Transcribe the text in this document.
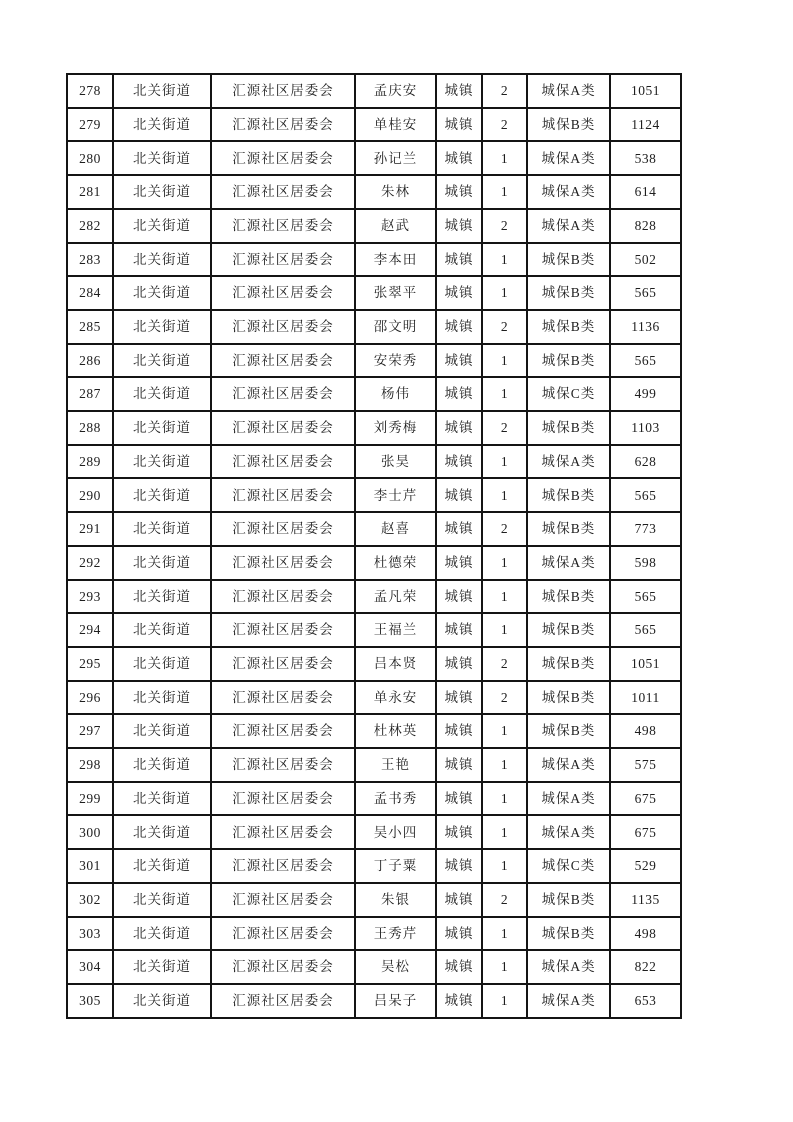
278	北关街道	汇源社区居委会	孟庆安	城镇	2	城保A类	1051
279	北关街道	汇源社区居委会	单桂安	城镇	2	城保B类	1124
280	北关街道	汇源社区居委会	孙记兰	城镇	1	城保A类	538
281	北关街道	汇源社区居委会	朱林	城镇	1	城保A类	614
282	北关街道	汇源社区居委会	赵武	城镇	2	城保A类	828
283	北关街道	汇源社区居委会	李本田	城镇	1	城保B类	502
284	北关街道	汇源社区居委会	张翠平	城镇	1	城保B类	565
285	北关街道	汇源社区居委会	邵文明	城镇	2	城保B类	1136
286	北关街道	汇源社区居委会	安荣秀	城镇	1	城保B类	565
287	北关街道	汇源社区居委会	杨伟	城镇	1	城保C类	499
288	北关街道	汇源社区居委会	刘秀梅	城镇	2	城保B类	1103
289	北关街道	汇源社区居委会	张昊	城镇	1	城保A类	628
290	北关街道	汇源社区居委会	李士芹	城镇	1	城保B类	565
291	北关街道	汇源社区居委会	赵喜	城镇	2	城保B类	773
292	北关街道	汇源社区居委会	杜德荣	城镇	1	城保A类	598
293	北关街道	汇源社区居委会	孟凡荣	城镇	1	城保B类	565
294	北关街道	汇源社区居委会	王福兰	城镇	1	城保B类	565
295	北关街道	汇源社区居委会	吕本贤	城镇	2	城保B类	1051
296	北关街道	汇源社区居委会	单永安	城镇	2	城保B类	1011
297	北关街道	汇源社区居委会	杜林英	城镇	1	城保B类	498
298	北关街道	汇源社区居委会	王艳	城镇	1	城保A类	575
299	北关街道	汇源社区居委会	孟书秀	城镇	1	城保A类	675
300	北关街道	汇源社区居委会	吴小四	城镇	1	城保A类	675
301	北关街道	汇源社区居委会	丁子粟	城镇	1	城保C类	529
302	北关街道	汇源社区居委会	朱银	城镇	2	城保B类	1135
303	北关街道	汇源社区居委会	王秀芹	城镇	1	城保B类	498
304	北关街道	汇源社区居委会	吴松	城镇	1	城保A类	822
305	北关街道	汇源社区居委会	吕呆子	城镇	1	城保A类	653
